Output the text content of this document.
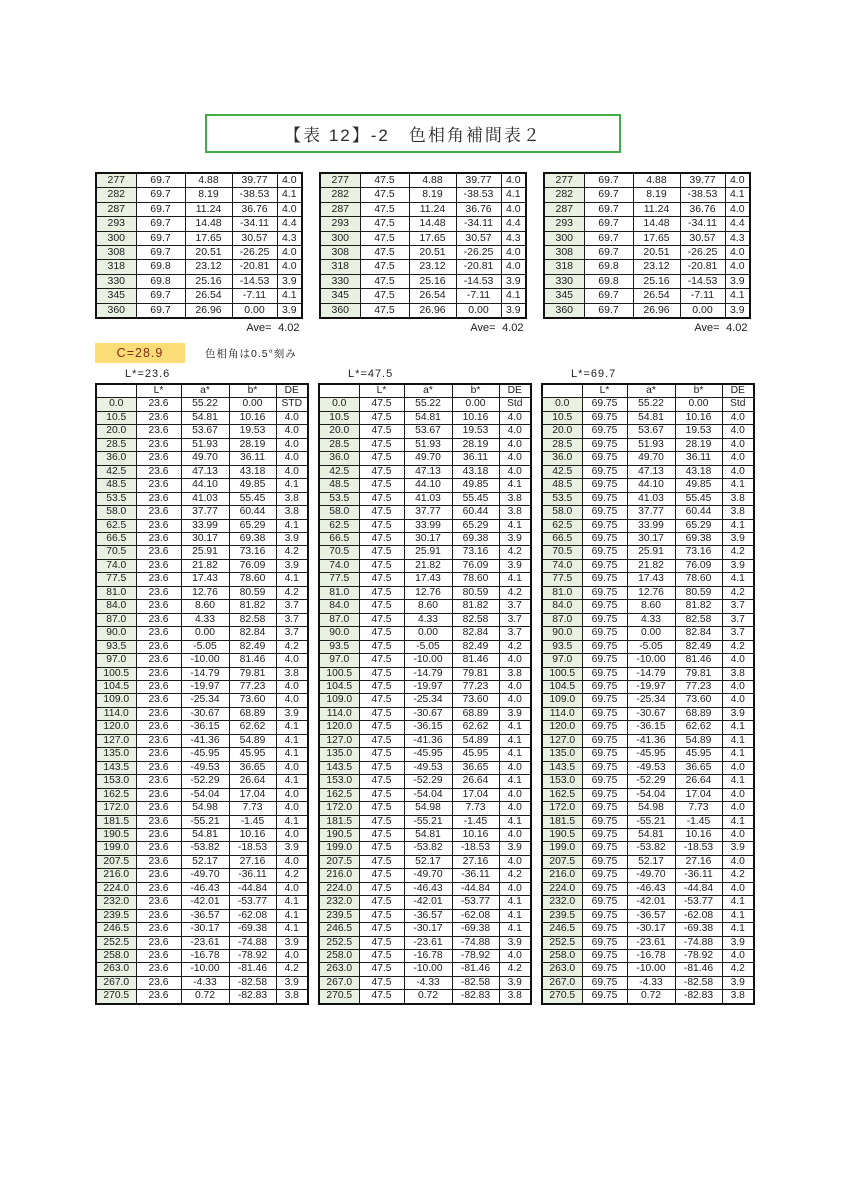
【表 12】-2　色相角補間表２
277	69.7	4.88	39.77	4.0
282	69.7	8.19	-38.53	4.1
287	69.7	11.24	36.76	4.0
293	69.7	14.48	-34.11	4.4
300	69.7	17.65	30.57	4.3
308	69.7	20.51	-26.25	4.0
318	69.8	23.12	-20.81	4.0
330	69.8	25.16	-14.53	3.9
345	69.7	26.54	-7.11	4.1
360	69.7	26.96	0.00	3.9
Ave= 4.02
277	47.5	4.88	39.77	4.0
282	47.5	8.19	-38.53	4.1
287	47.5	11.24	36.76	4.0
293	47.5	14.48	-34.11	4.4
300	47.5	17.65	30.57	4.3
308	47.5	20.51	-26.25	4.0
318	47.5	23.12	-20.81	4.0
330	47.5	25.16	-14.53	3.9
345	47.5	26.54	-7.11	4.1
360	47.5	26.96	0.00	3.9
Ave= 4.02
277	69.7	4.88	39.77	4.0
282	69.7	8.19	-38.53	4.1
287	69.7	11.24	36.76	4.0
293	69.7	14.48	-34.11	4.4
300	69.7	17.65	30.57	4.3
308	69.7	20.51	-26.25	4.0
318	69.8	23.12	-20.81	4.0
330	69.8	25.16	-14.53	3.9
345	69.7	26.54	-7.11	4.1
360	69.7	26.96	0.00	3.9
Ave= 4.02
C=28.9	色相角は0.5°刻み
L*=23.6
	L*	a*	b*	DE
0.0	23.6	55.22	0.00	STD
10.5	23.6	54.81	10.16	4.0
20.0	23.6	53.67	19.53	4.0
28.5	23.6	51.93	28.19	4.0
36.0	23.6	49.70	36.11	4.0
42.5	23.6	47.13	43.18	4.0
48.5	23.6	44.10	49.85	4.1
53.5	23.6	41.03	55.45	3.8
58.0	23.6	37.77	60.44	3.8
62.5	23.6	33.99	65.29	4.1
66.5	23.6	30.17	69.38	3.9
70.5	23.6	25.91	73.16	4.2
74.0	23.6	21.82	76.09	3.9
77.5	23.6	17.43	78.60	4.1
81.0	23.6	12.76	80.59	4.2
84.0	23.6	8.60	81.82	3.7
87.0	23.6	4.33	82.58	3.7
90.0	23.6	0.00	82.84	3.7
93.5	23.6	-5.05	82.49	4.2
97.0	23.6	-10.00	81.46	4.0
100.5	23.6	-14.79	79.81	3.8
104.5	23.6	-19.97	77.23	4.0
109.0	23.6	-25.34	73.60	4.0
114.0	23.6	-30.67	68.89	3.9
120.0	23.6	-36.15	62.62	4.1
127.0	23.6	-41.36	54.89	4.1
135.0	23.6	-45.95	45.95	4.1
143.5	23.6	-49.53	36.65	4.0
153.0	23.6	-52.29	26.64	4.1
162.5	23.6	-54.04	17.04	4.0
172.0	23.6	54.98	7.73	4.0
181.5	23.6	-55.21	-1.45	4.1
190.5	23.6	54.81	10.16	4.0
199.0	23.6	-53.82	-18.53	3.9
207.5	23.6	52.17	27.16	4.0
216.0	23.6	-49.70	-36.11	4.2
224.0	23.6	-46.43	-44.84	4.0
232.0	23.6	-42.01	-53.77	4.1
239.5	23.6	-36.57	-62.08	4.1
246.5	23.6	-30.17	-69.38	4.1
252.5	23.6	-23.61	-74.88	3.9
258.0	23.6	-16.78	-78.92	4.0
263.0	23.6	-10.00	-81.46	4.2
267.0	23.6	-4.33	-82.58	3.9
270.5	23.6	0.72	-82.83	3.8
L*=47.5
	L*	a*	b*	DE
0.0	47.5	55.22	0.00	Std
10.5	47.5	54.81	10.16	4.0
20.0	47.5	53.67	19.53	4.0
28.5	47.5	51.93	28.19	4.0
36.0	47.5	49.70	36.11	4.0
42.5	47.5	47.13	43.18	4.0
48.5	47.5	44.10	49.85	4.1
53.5	47.5	41.03	55.45	3.8
58.0	47.5	37.77	60.44	3.8
62.5	47.5	33.99	65.29	4.1
66.5	47.5	30.17	69.38	3.9
70.5	47.5	25.91	73.16	4.2
74.0	47.5	21.82	76.09	3.9
77.5	47.5	17.43	78.60	4.1
81.0	47.5	12.76	80.59	4.2
84.0	47.5	8.60	81.82	3.7
87.0	47.5	4.33	82.58	3.7
90.0	47.5	0.00	82.84	3.7
93.5	47.5	-5.05	82.49	4.2
97.0	47.5	-10.00	81.46	4.0
100.5	47.5	-14.79	79.81	3.8
104.5	47.5	-19.97	77.23	4.0
109.0	47.5	-25.34	73.60	4.0
114.0	47.5	-30.67	68.89	3.9
120.0	47.5	-36.15	62.62	4.1
127.0	47.5	-41.36	54.89	4.1
135.0	47.5	-45.95	45.95	4.1
143.5	47.5	-49.53	36.65	4.0
153.0	47.5	-52.29	26.64	4.1
162.5	47.5	-54.04	17.04	4.0
172.0	47.5	54.98	7.73	4.0
181.5	47.5	-55.21	-1.45	4.1
190.5	47.5	54.81	10.16	4.0
199.0	47.5	-53.82	-18.53	3.9
207.5	47.5	52.17	27.16	4.0
216.0	47.5	-49.70	-36.11	4.2
224.0	47.5	-46.43	-44.84	4.0
232.0	47.5	-42.01	-53.77	4.1
239.5	47.5	-36.57	-62.08	4.1
246.5	47.5	-30.17	-69.38	4.1
252.5	47.5	-23.61	-74.88	3.9
258.0	47.5	-16.78	-78.92	4.0
263.0	47.5	-10.00	-81.46	4.2
267.0	47.5	-4.33	-82.58	3.9
270.5	47.5	0.72	-82.83	3.8
L*=69.7
	L*	a*	b*	DE
0.0	69.75	55.22	0.00	Std
10.5	69.75	54.81	10.16	4.0
20.0	69.75	53.67	19.53	4.0
28.5	69.75	51.93	28.19	4.0
36.0	69.75	49.70	36.11	4.0
42.5	69.75	47.13	43.18	4.0
48.5	69.75	44.10	49.85	4.1
53.5	69.75	41.03	55.45	3.8
58.0	69.75	37.77	60.44	3.8
62.5	69.75	33.99	65.29	4.1
66.5	69.75	30.17	69.38	3.9
70.5	69.75	25.91	73.16	4.2
74.0	69.75	21.82	76.09	3.9
77.5	69.75	17.43	78.60	4.1
81.0	69.75	12.76	80.59	4.2
84.0	69.75	8.60	81.82	3.7
87.0	69.75	4.33	82.58	3.7
90.0	69.75	0.00	82.84	3.7
93.5	69.75	-5.05	82.49	4.2
97.0	69.75	-10.00	81.46	4.0
100.5	69.75	-14.79	79.81	3.8
104.5	69.75	-19.97	77.23	4.0
109.0	69.75	-25.34	73.60	4.0
114.0	69.75	-30.67	68.89	3.9
120.0	69.75	-36.15	62.62	4.1
127.0	69.75	-41.36	54.89	4.1
135.0	69.75	-45.95	45.95	4.1
143.5	69.75	-49.53	36.65	4.0
153.0	69.75	-52.29	26.64	4.1
162.5	69.75	-54.04	17.04	4.0
172.0	69.75	54.98	7.73	4.0
181.5	69.75	-55.21	-1.45	4.1
190.5	69.75	54.81	10.16	4.0
199.0	69.75	-53.82	-18.53	3.9
207.5	69.75	52.17	27.16	4.0
216.0	69.75	-49.70	-36.11	4.2
224.0	69.75	-46.43	-44.84	4.0
232.0	69.75	-42.01	-53.77	4.1
239.5	69.75	-36.57	-62.08	4.1
246.5	69.75	-30.17	-69.38	4.1
252.5	69.75	-23.61	-74.88	3.9
258.0	69.75	-16.78	-78.92	4.0
263.0	69.75	-10.00	-81.46	4.2
267.0	69.75	-4.33	-82.58	3.9
270.5	69.75	0.72	-82.83	3.8
